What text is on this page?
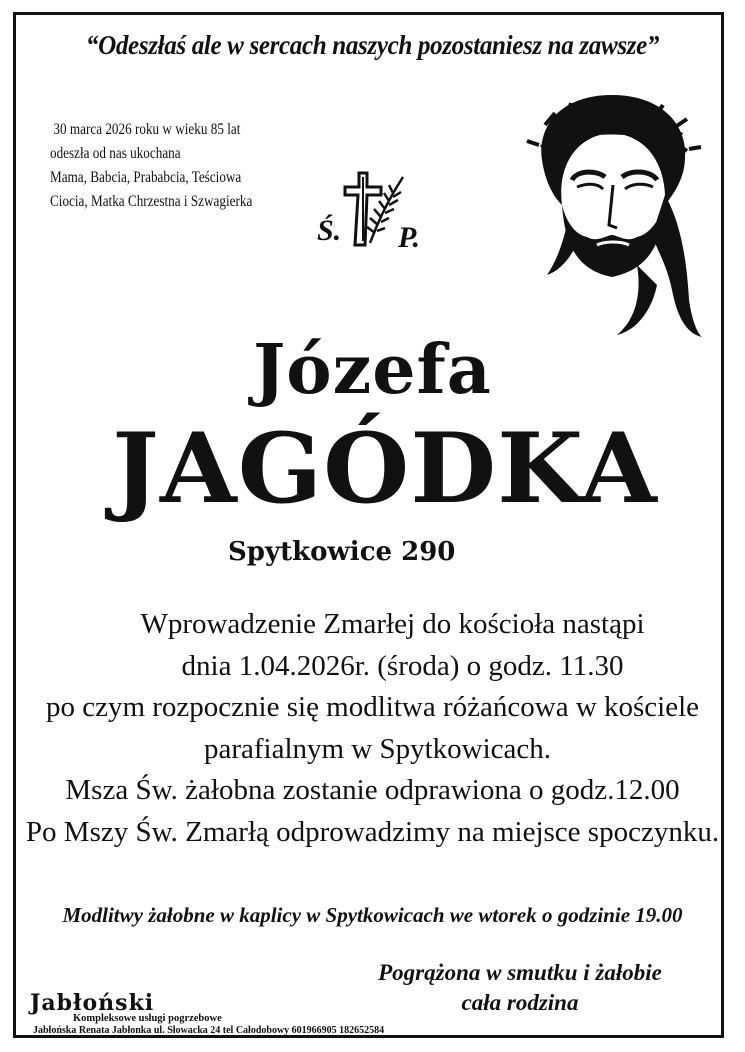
“Odeszłaś ale w sercach naszych pozostaniesz na zawsze”
30 marca 2026 roku w wieku 85 lat
odeszła od nas ukochana
Mama, Babcia, Prababcia, Teściowa
Ciocia, Matka Chrzestna i Szwagierka
Ś. P.
Józefa
JAGÓDKA
Spytkowice 290
Wprowadzenie Zmarłej do kościoła nastąpi
dnia 1.04.2026r. (środa) o godz. 11.30
po czym rozpocznie się modlitwa różańcowa w kościele
parafialnym w Spytkowicach.
Msza Św. żałobna zostanie odprawiona o godz.12.00
Po Mszy Św. Zmarłą odprowadzimy na miejsce spoczynku.
Modlitwy żałobne w kaplicy w Spytkowicach we wtorek o godzinie 19.00
Pogrążona w smutku i żałobie
cała rodzina
Jabłoński
Kompleksowe usługi pogrzebowe
Jabłońska Renata Jabłonka ul. Słowacka 24 tel Całodobowy 601966905 182652584
